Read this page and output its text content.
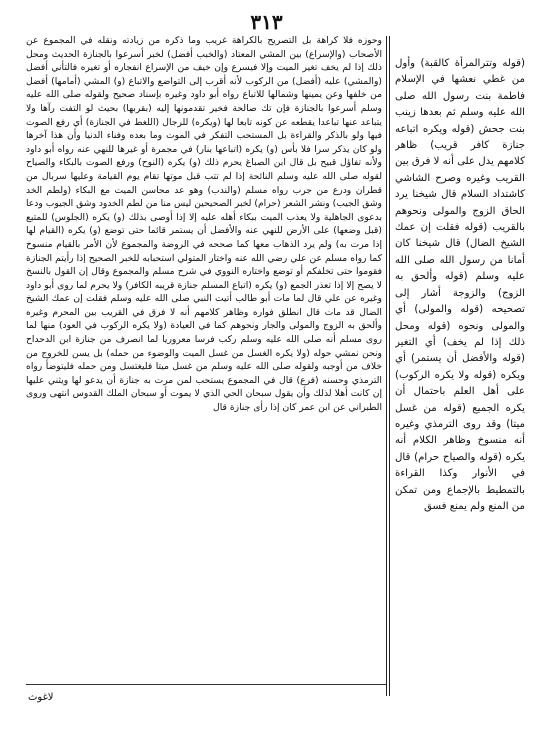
٣١٣

ﻭﺣﻮﺯﻩ ﻓﻼ ﻛﺮﺍﻫﺔ ﺑﻞ ﺍﻟﺘﺼﺮﻳﺢ ﺑﺎﻟﻜﺮﺍﻫﺔ ﻏﺮﻳﺐ ﻭﻣﺎ ﺫﻛﺮﻩ ﻣﻦ ﺯﻳﺎﺩﺗﻪ ﻭﻧﻘﻠﻪ ﻓﻲ ﺍﻟﻤﺠﻤﻮﻉ ﻋﻦ ﺍﻷﺻﺤﺎﺏ (ﻭﺍﻹﺳﺮﺍﻉ) ﺑﻴﻦ ﺍﻟﻤﺸﻲ ﺍﻟﻤﻌﺘﺎﺩ (ﻭﺍﻟﺨﺒﺐ ﺃﻓﻀﻞ) ﻟﺨﺒﺮ ﺃﺳﺮﻋﻮﺍ ﺑﺎﻟﺠﻨﺎﺯﺓ ﺍﻟﺤﺪﻳﺚ ﻭﻣﺤﻞ ﺫﻟﻚ ﺇﺫﺍ ﻟﻢ ﻳﺨﻒ ﺗﻐﻴﺮ ﺍﻟﻤﻴﺖ ﻭﺇﻻ ﻓﻴﺴﺮﻉ ﻭﺇﻥ ﺧﻴﻒ ﻣﻦ ﺍﻹﺳﺮﺍﻉ ﺍﻧﻔﺠﺎﺭﻩ ﺃﻭ ﺗﻐﻴﺮﻩ ﻓﺎﻟﺘﺄﻧﻲ ﺃﻓﻀﻞ (ﻭﺍﻟﻤﺸﻲ) ﻋﻠﻴﻪ (ﺃﻓﻀﻞ) ﻣﻦ ﺍﻟﺮﻛﻮﺏ ﻷﻧﻪ ﺃﻗﺮﺏ ﺇﻟﻰ ﺍﻟﺘﻮﺍﺿﻊ ﻭﺍﻻﺗﺒﺎﻉ (ﻭ) ﺍﻟﻤﺸﻲ (ﺃﻣﺎﻣﻬﺎ) ﺃﻓﻀﻞ ﻣﻦ ﺧﻠﻔﻬﺎ ﻭﻋﻦ ﻳﻤﻴﻨﻬﺎ ﻭﺷﻤﺎﻟﻬﺎ ﻟﻼﺗﺒﺎﻉ ﺭﻭﺍﻩ ﺃﺑﻮ ﺩﺍﻭﺩ ﻭﻏﻴﺮﻩ ﺑﺈﺳﻨﺎﺩ ﺻﺤﻴﺢ ﻭﻟﻘﻮﻟﻪ ﺻﻠﻰ ﺍﻟﻠﻪ ﻋﻠﻴﻪ ﻭﺳﻠﻢ ﺃﺳﺮﻋﻮﺍ ﺑﺎﻟﺠﻨﺎﺯﺓ ﻓﺈﻥ ﺗﻚ ﺻﺎﻟﺤﺔ ﻓﺨﻴﺮ ﺗﻘﺪﻣﻮﻧﻬﺎ ﺇﻟﻴﻪ (ﺑﻘﺮﺑﻬﺎ) ﺑﺤﻴﺚ ﻟﻮ ﺍﻟﺘﻔﺖ ﺭﺁﻫﺎ ﻭﻻ ﻳﺘﺒﺎﻋﺪ ﻋﻨﻬﺎ ﺗﺒﺎﻋﺪﺍ ﻳﻘﻄﻌﻪ ﻋﻦ ﻛﻮﻧﻪ ﺗﺎﺑﻌﺎ ﻟﻬﺎ (ﻭﻳﻜﺮﻩ) ﻟﻠﺮﺟﺎﻝ (ﺍﻟﻠﻐﻂ ﻓﻲ ﺍﻟﺠﻨﺎﺯﺓ) ﺃﻱ ﺭﻓﻊ ﺍﻟﺼﻮﺕ ﻓﻴﻬﺎ ﻭﻟﻮ ﺑﺎﻟﺬﻛﺮ ﻭﺍﻟﻘﺮﺍﺀﺓ ﺑﻞ ﺍﻟﻤﺴﺘﺤﺐ ﺍﻟﺘﻔﻜﺮ ﻓﻲ ﺍﻟﻤﻮﺕ ﻭﻣﺎ ﺑﻌﺪﻩ ﻭﻓﻨﺎﺀ ﺍﻟﺪﻧﻴﺎ ﻭﺃﻥ ﻫﺬﺍ ﺁﺧﺮﻫﺎ ﻭﻟﻮ ﻛﺎﻥ ﻳﺬﻛﺮ ﺳﺮﺍ ﻓﻼ ﺑﺄﺱ (ﻭ) ﻳﻜﺮﻩ (ﺍﺗﺒﺎﻋﻬﺎ ﺑﻨﺎﺭ) ﻓﻲ ﻣﺠﻤﺮﺓ ﺃﻭ ﻏﻴﺮﻫﺎ ﻟﻠﻨﻬﻲ ﻋﻨﻪ ﺭﻭﺍﻩ ﺃﺑﻮ ﺩﺍﻭﺩ ﻭﻷﻧﻪ ﺗﻔﺎﺅﻝ ﻗﺒﻴﺢ ﺑﻞ ﻗﺎﻝ ﺍﺑﻦ ﺍﻟﺼﺒﺎﻍ ﻳﺤﺮﻡ ﺫﻟﻚ (ﻭ) ﻳﻜﺮﻩ (ﺍﻟﻨﻮﺡ) ﻭﺭﻓﻊ ﺍﻟﺼﻮﺕ ﺑﺎﻟﺒﻜﺎﺀ ﻭﺍﻟﺼﻴﺎﺡ ﻟﻘﻮﻟﻪ ﺻﻠﻰ ﺍﻟﻠﻪ ﻋﻠﻴﻪ ﻭﺳﻠﻢ ﺍﻟﻨﺎﺋﺤﺔ ﺇﺫﺍ ﻟﻢ ﺗﺘﺐ ﻗﺒﻞ ﻣﻮﺗﻬﺎ ﺗﻘﺎﻡ ﻳﻮﻡ ﺍﻟﻘﻴﺎﻣﺔ ﻭﻋﻠﻴﻬﺎ ﺳﺮﺑﺎﻝ ﻣﻦ ﻗﻄﺮﺍﻥ ﻭﺩﺭﻉ ﻣﻦ ﺟﺮﺏ ﺭﻭﺍﻩ ﻣﺴﻠﻢ (ﻭﺍﻟﻨﺪﺏ) ﻭﻫﻮ ﻋﺪ ﻣﺤﺎﺳﻦ ﺍﻟﻤﻴﺖ ﻣﻊ ﺍﻟﺒﻜﺎﺀ (ﻭﻟﻄﻢ ﺍﻟﺨﺪ ﻭﺷﻖ ﺍﻟﺠﻴﺐ) ﻭﻧﺸﺮ ﺍﻟﺸﻌﺮ (ﺣﺮﺍﻡ) ﻟﺨﺒﺮ ﺍﻟﺼﺤﻴﺤﻴﻦ ﻟﻴﺲ ﻣﻨﺎ ﻣﻦ ﻟﻄﻢ ﺍﻟﺨﺪﻭﺩ ﻭﺷﻖ ﺍﻟﺠﻴﻮﺏ ﻭﺩﻋﺎ ﺑﺪﻋﻮﻯ ﺍﻟﺠﺎﻫﻠﻴﺔ ﻭﻻ ﻳﻌﺬﺏ ﺍﻟﻤﻴﺖ ﺑﺒﻜﺎﺀ ﺃﻫﻠﻪ ﻋﻠﻴﻪ ﺇﻻ ﺇﺫﺍ ﺃﻭﺻﻰ ﺑﺬﻟﻚ (ﻭ) ﻳﻜﺮﻩ (ﺍﻟﺠﻠﻮﺱ) ﻟﻠﻤﺘﺒﻊ (ﻗﺒﻞ ﻭﺿﻌﻬﺎ) ﻋﻠﻰ ﺍﻷﺭﺽ ﻟﻠﻨﻬﻲ ﻋﻨﻪ ﻭﺍﻷﻓﻀﻞ ﺃﻥ ﻳﺴﺘﻤﺮ ﻗﺎﺋﻤﺎ ﺣﺘﻰ ﺗﻮﺿﻊ (ﻭ) ﻳﻜﺮﻩ (ﺍﻟﻘﻴﺎﻡ ﻟﻬﺎ ﺇﺫﺍ ﻣﺮﺕ ﺑﻪ) ﻭﻟﻢ ﻳﺮﺩ ﺍﻟﺬﻫﺎﺏ ﻣﻌﻬﺎ ﻛﻤﺎ ﺻﺤﺤﻪ ﻓﻲ ﺍﻟﺮﻭﺿﺔ ﻭﺍﻟﻤﺠﻤﻮﻉ ﻷﻥ ﺍﻷﻣﺮ ﺑﺎﻟﻘﻴﺎﻡ ﻣﻨﺴﻮﺥ ﻛﻤﺎ ﺭﻭﺍﻩ ﻣﺴﻠﻢ ﻋﻦ ﻋﻠﻲ ﺭﺿﻲ ﺍﻟﻠﻪ ﻋﻨﻪ ﻭﺍﺧﺘﺎﺭ ﺍﻟﻤﺘﻮﻟﻲ ﺍﺳﺘﺤﺒﺎﺑﻪ ﻟﻠﺨﺒﺮ ﺍﻟﺼﺤﻴﺢ ﺇﺫﺍ ﺭﺃﻳﺘﻢ ﺍﻟﺠﻨﺎﺯﺓ ﻓﻘﻮﻣﻮﺍ ﺣﺘﻰ ﺗﺨﻠﻔﻜﻢ ﺃﻭ ﺗﻮﺿﻊ ﻭﺍﺧﺘﺎﺭﻩ ﺍﻟﻨﻮﻭﻱ ﻓﻲ ﺷﺮﺡ ﻣﺴﻠﻢ ﻭﺍﻟﻤﺠﻤﻮﻉ ﻭﻗﺎﻝ ﺇﻥ ﺍﻟﻘﻮﻝ ﺑﺎﻟﻨﺴﺦ ﻻ ﻳﺼﺢ ﺇﻻ ﺇﺫﺍ ﺗﻌﺬﺭ ﺍﻟﺠﻤﻊ (ﻭ) ﻳﻜﺮﻩ (ﺍﺗﺒﺎﻉ ﺍﻟﻤﺴﻠﻢ ﺟﻨﺎﺯﺓ ﻗﺮﻳﺒﻪ ﺍﻟﻜﺎﻓﺮ) ﻭﻻ ﻳﺤﺮﻡ ﻟﻤﺎ ﺭﻭﻯ ﺃﺑﻮ ﺩﺍﻭﺩ ﻭﻏﻴﺮﻩ ﻋﻦ ﻋﻠﻲ ﻗﺎﻝ ﻟﻤﺎ ﻣﺎﺕ ﺃﺑﻮ ﻃﺎﻟﺐ ﺃﺗﻴﺖ ﺍﻟﻨﺒﻲ ﺻﻠﻰ ﺍﻟﻠﻪ ﻋﻠﻴﻪ ﻭﺳﻠﻢ ﻓﻘﻠﺖ ﺇﻥ ﻋﻤﻚ ﺍﻟﺸﻴﺦ ﺍﻟﻀﺎﻝ ﻗﺪ ﻣﺎﺕ ﻗﺎﻝ ﺍﻧﻄﻠﻖ ﻓﻮﺍﺭﻩ ﻭﻇﺎﻫﺮ ﻛﻼﻣﻬﻢ ﺃﻧﻪ ﻻ ﻓﺮﻕ ﻓﻲ ﺍﻟﻘﺮﻳﺐ ﺑﻴﻦ ﺍﻟﻤﺤﺮﻡ ﻭﻏﻴﺮﻩ ﻭﺃﻟﺤﻖ ﺑﻪ ﺍﻟﺰﻭﺝ ﻭﺍﻟﻤﻮﻟﻰ ﻭﺍﻟﺠﺎﺭ ﻭﻧﺤﻮﻫﻢ ﻛﻤﺎ ﻓﻲ ﺍﻟﻌﻴﺎﺩﺓ (ﻭﻻ ﻳﻜﺮﻩ ﺍﻟﺮﻛﻮﺏ ﻓﻲ ﺍﻟﻌﻮﺩ) ﻣﻨﻬﺎ ﻟﻤﺎ ﺭﻭﻯ ﻣﺴﻠﻢ ﺃﻧﻪ ﺻﻠﻰ ﺍﻟﻠﻪ ﻋﻠﻴﻪ ﻭﺳﻠﻢ ﺭﻛﺐ ﻓﺮﺳﺎ ﻣﻌﺮﻭﺭﻳﺎ ﻟﻤﺎ ﺍﻧﺼﺮﻑ ﻣﻦ ﺟﻨﺎﺯﺓ ﺍﺑﻦ ﺍﻟﺪﺣﺪﺍﺡ ﻭﻧﺤﻦ ﻧﻤﺸﻲ ﺣﻮﻟﻪ (ﻭﻻ ﻳﻜﺮﻩ ﺍﻟﻐﺴﻞ ﻣﻦ ﻏﺴﻞ ﺍﻟﻤﻴﺖ ﻭﺍﻟﻮﺿﻮﺀ ﻣﻦ ﺣﻤﻠﻪ) ﺑﻞ ﻳﺴﻦ ﻟﻠﺨﺮﻭﺝ ﻣﻦ ﺧﻼﻑ ﻣﻦ ﺃﻭﺟﺒﻪ ﻭﻟﻘﻮﻟﻪ ﺻﻠﻰ ﺍﻟﻠﻪ ﻋﻠﻴﻪ ﻭﺳﻠﻢ ﻣﻦ ﻏﺴﻞ ﻣﻴﺘﺎ ﻓﻠﻴﻐﺘﺴﻞ ﻭﻣﻦ ﺣﻤﻠﻪ ﻓﻠﻴﺘﻮﺿﺄ ﺭﻭﺍﻩ ﺍﻟﺘﺮﻣﺬﻱ ﻭﺣﺴﻨﻪ (ﻓﺮﻉ) ﻗﺎﻝ ﻓﻲ ﺍﻟﻤﺠﻤﻮﻉ ﻳﺴﺘﺤﺐ ﻟﻤﻦ ﻣﺮﺕ ﺑﻪ ﺟﻨﺎﺯﺓ ﺃﻥ ﻳﺪﻋﻮ ﻟﻬﺎ ﻭﻳﺜﻨﻲ ﻋﻠﻴﻬﺎ ﺇﻥ ﻛﺎﻧﺖ ﺃﻫﻼ ﻟﺬﻟﻚ ﻭﺃﻥ ﻳﻘﻮﻝ ﺳﺒﺤﺎﻥ ﺍﻟﺤﻲ ﺍﻟﺬﻱ ﻻ ﻳﻤﻮﺕ ﺃﻭ ﺳﺒﺤﺎﻥ ﺍﻟﻤﻠﻚ ﺍﻟﻘﺪﻭﺱ ﺍﻧﺘﻬﻰ ﻭﺭﻭﻯ ﺍﻟﻄﺒﺮﺍﻧﻲ ﻋﻦ ﺍﺑﻦ ﻋﻤﺮ ﻛﺎﻥ ﺇﺫﺍ ﺭﺃﻯ ﺟﻨﺎﺯﺓ ﻗﺎﻝ

(ﻗﻮﻟﻪ ﻭﺗﺘﺮﺍﻟﻤﺮﺃﺓ ﻛﺎﻟﻘﺒﺔ) ﻭﺃﻭﻝ ﻣﻦ ﻏﻄﻲ ﻧﻌﺸﻬﺎ ﻓﻲ ﺍﻹﺳﻼﻡ ﻓﺎﻃﻤﺔ ﺑﻨﺖ ﺭﺳﻮﻝ ﺍﻟﻠﻪ ﺻﻠﻰ ﺍﻟﻠﻪ ﻋﻠﻴﻪ ﻭﺳﻠﻢ ﺛﻢ ﺑﻌﺪﻫﺎ ﺯﻳﻨﺐ ﺑﻨﺖ ﺟﺤﺶ (ﻗﻮﻟﻪ ﻭﻳﻜﺮﻩ ﺍﺗﺒﺎﻋﻪ ﺟﻨﺎﺯﺓ ﻛﺎﻓﺮ ﻗﺮﻳﺐ) ﻇﺎﻫﺮ ﻛﻼﻣﻬﻢ ﻳﺪﻝ ﻋﻠﻰ ﺃﻧﻪ ﻻ ﻓﺮﻕ ﺑﻴﻦ ﺍﻟﻘﺮﻳﺐ ﻭﻏﻴﺮﻩ ﻭﺻﺮﺡ ﺍﻟﺸﺎﺷﻲ ﻛﺎﺷﺘﺪﺍﺩ ﺍﻟﺴﻼﻡ ﻗﺎﻝ ﺷﻴﺨﻨﺎ ﻳﺮﺩ ﺍﻟﺤﺎﻕ ﺍﻟﺰﻭﺝ ﻭﺍﻟﻤﻮﻟﻰ ﻭﻧﺤﻮﻫﻢ ﺑﺎﻟﻘﺮﻳﺐ (ﻗﻮﻟﻪ ﻓﻘﻠﺖ ﺇﻥ ﻋﻤﻚ ﺍﻟﺸﻴﺦ ﺍﻟﻀﺎﻝ) ﻗﺎﻝ ﺷﻴﺨﻨﺎ ﻛﺎﻥ ﺃﻣﺎﻧﺎ ﻣﻦ ﺭﺳﻮﻝ ﺍﻟﻠﻪ ﺻﻠﻰ ﺍﻟﻠﻪ ﻋﻠﻴﻪ ﻭﺳﻠﻢ (ﻗﻮﻟﻪ ﻭﺃﻟﺤﻖ ﺑﻪ ﺍﻟﺰﻭﺝ) ﻭﺍﻟﺰﻭﺟﺔ ﺃﺷﺎﺭ ﺇﻟﻰ ﺗﺼﺤﻴﺤﻪ (ﻗﻮﻟﻪ ﻭﺍﻟﻤﻮﻟﻰ) ﺃﻱ ﻭﺍﻟﻤﻮﻟﻰ ﻭﻧﺤﻮﻩ (ﻗﻮﻟﻪ ﻭﻣﺤﻞ ﺫﻟﻚ ﺇﺫﺍ ﻟﻢ ﻳﺨﻒ) ﺃﻱ ﺍﻟﺘﻐﻴﺮ (ﻗﻮﻟﻪ ﻭﺍﻷﻓﻀﻞ ﺃﻥ ﻳﺴﺘﻤﺮ) ﺃﻱ ﻭﻳﻜﺮﻩ (ﻗﻮﻟﻪ ﻭﻻ ﻳﻜﺮﻩ ﺍﻟﺮﻛﻮﺏ) ﻋﻠﻰ ﺃﻫﻞ ﺍﻟﻌﻠﻢ ﺑﺎﺣﺘﻤﺎﻝ ﺃﻥ ﻳﻜﺮﻩ ﺍﻟﺠﻤﻴﻊ (ﻗﻮﻟﻪ ﻣﻦ ﻏﺴﻞ ﻣﻴﺘﺎ) ﻭﻗﺪ ﺭﻭﻯ ﺍﻟﺘﺮﻣﺬﻱ ﻭﻏﻴﺮﻩ ﺃﻧﻪ ﻣﻨﺴﻮﺥ ﻭﻇﺎﻫﺮ ﺍﻟﻜﻼﻡ ﺃﻧﻪ ﻳﻜﺮﻩ (ﻗﻮﻟﻪ ﻭﺍﻟﺼﻴﺎﺡ ﺣﺮﺍﻡ) ﻗﺎﻝ ﻓﻲ ﺍﻷﻧﻮﺍﺭ ﻭﻛﺬﺍ ﺍﻟﻘﺮﺍﺀﺓ ﺑﺎﻟﺘﻤﻄﻴﻂ ﺑﺎﻹﺟﻤﺎﻉ ﻭﻣﻦ ﺗﻤﻜﻦ ﻣﻦ ﺍﻟﻤﻨﻊ ﻭﻟﻢ ﻳﻤﻨﻊ ﻓﺴﻖ

ﻻﻏﻮﺙ
